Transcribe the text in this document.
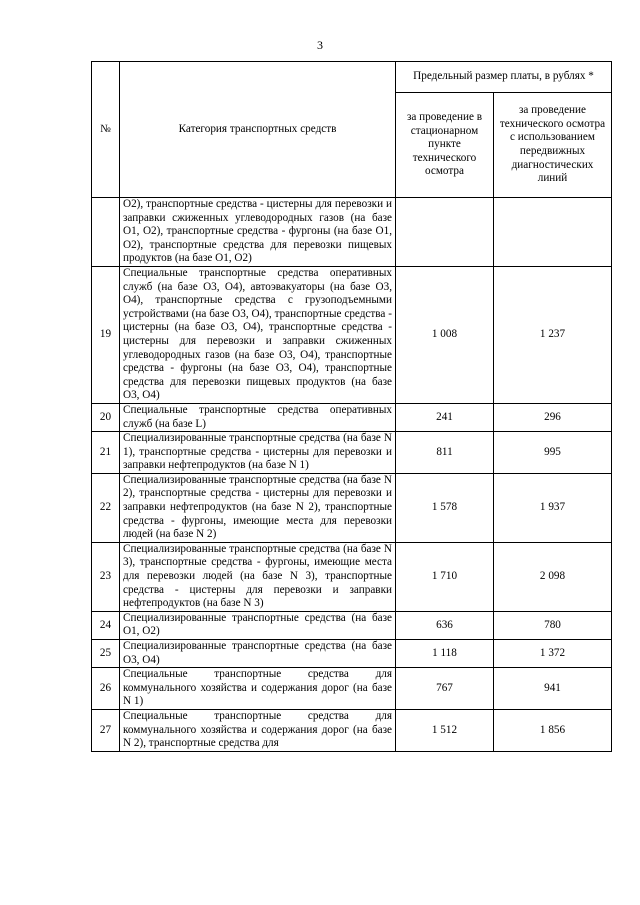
3
№	Категория транспортных средств	Предельный размер платы, в рублях *	
		за проведение в стационарном пункте технического осмотра	за проведение технического осмотра с использованием передвижных диагностических линий
	О2), транспортные средства - цистерны для перевозки и заправки сжиженных углеводородных газов (на базе О1, О2), транспортные средства - фургоны (на базе О1, О2), транспортные средства для перевозки пищевых продуктов (на базе О1, О2)		
19	Специальные транспортные средства оперативных служб (на базе О3, О4), автоэвакуаторы (на базе О3, О4), транспортные средства с грузоподъемными устройствами (на базе О3, О4), транспортные средства - цистерны (на базе О3, О4), транспортные средства - цистерны для перевозки и заправки сжиженных углеводородных газов (на базе О3, О4), транспортные средства - фургоны (на базе О3, О4), транспортные средства для перевозки пищевых продуктов (на базе О3, О4)	1 008	1 237
20	Специальные транспортные средства оперативных служб (на базе L)	241	296
21	Специализированные транспортные средства (на базе N 1), транспортные средства - цистерны для перевозки и заправки нефтепродуктов (на базе N 1)	811	995
22	Специализированные транспортные средства (на базе N 2), транспортные средства - цистерны для перевозки и заправки нефтепродуктов (на базе N 2), транспортные средства - фургоны, имеющие места для перевозки людей (на базе N 2)	1 578	1 937
23	Специализированные транспортные средства (на базе N 3), транспортные средства - фургоны, имеющие места для перевозки людей (на базе N 3), транспортные средства - цистерны для перевозки и заправки нефтепродуктов (на базе N 3)	1 710	2 098
24	Специализированные транспортные средства (на базе О1, О2)	636	780
25	Специализированные транспортные средства (на базе О3, О4)	1 118	1 372
26	Специальные транспортные средства для коммунального хозяйства и содержания дорог (на базе N 1)	767	941
27	Специальные транспортные средства для коммунального хозяйства и содержания дорог (на базе N 2), транспортные средства для	1 512	1 856
